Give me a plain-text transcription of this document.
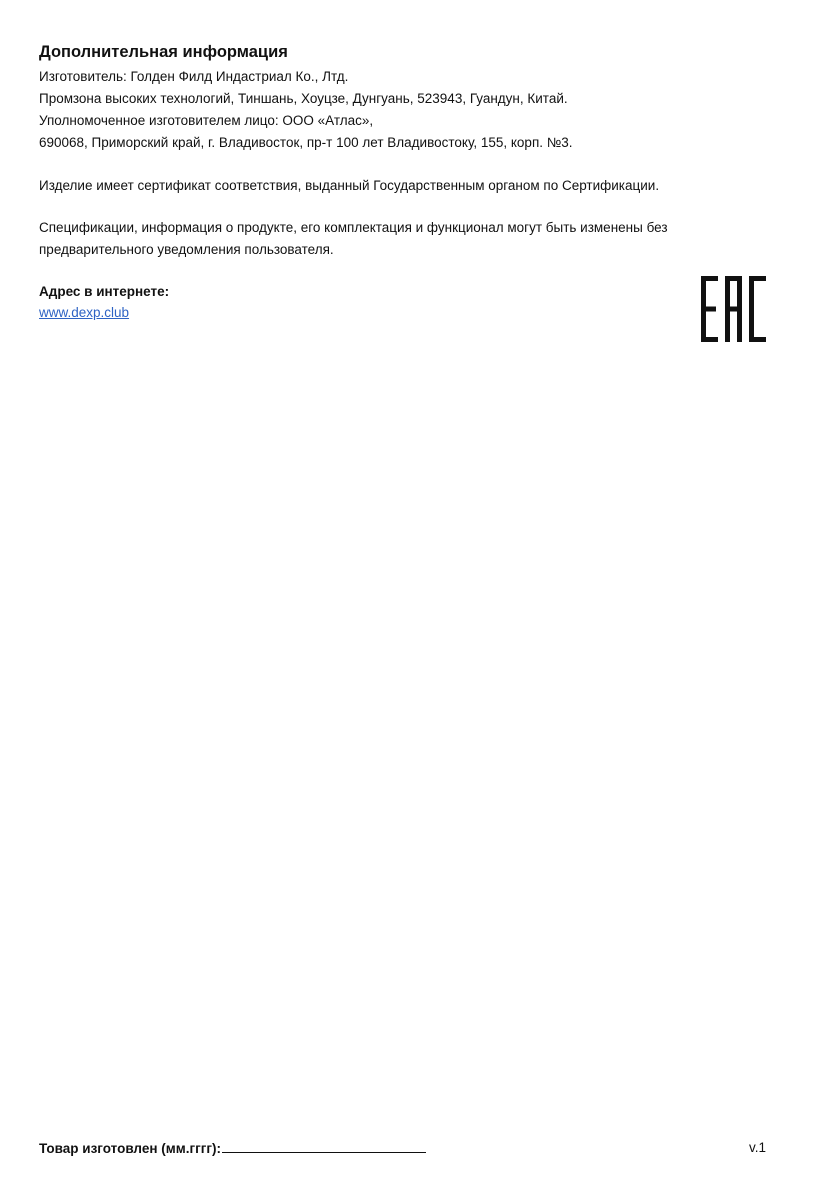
Дополнительная информация
Изготовитель: Голден Филд Индастриал Ко., Лтд.
Промзона высоких технологий, Тиншань, Хоуцзе, Дунгуань, 523943, Гуандун, Китай.
Уполномоченное изготовителем лицо: ООО «Атлас»,
690068, Приморский край, г. Владивосток, пр-т 100 лет Владивостоку, 155, корп. №3.
Изделие имеет сертификат соответствия, выданный Государственным органом по Сертификации.
Спецификации, информация о продукте, его комплектация и функционал могут быть изменены без
предварительного уведомления пользователя.
Адрес в интернете:
www.dexp.club
Товар изготовлен (мм.гггг):	v.1
